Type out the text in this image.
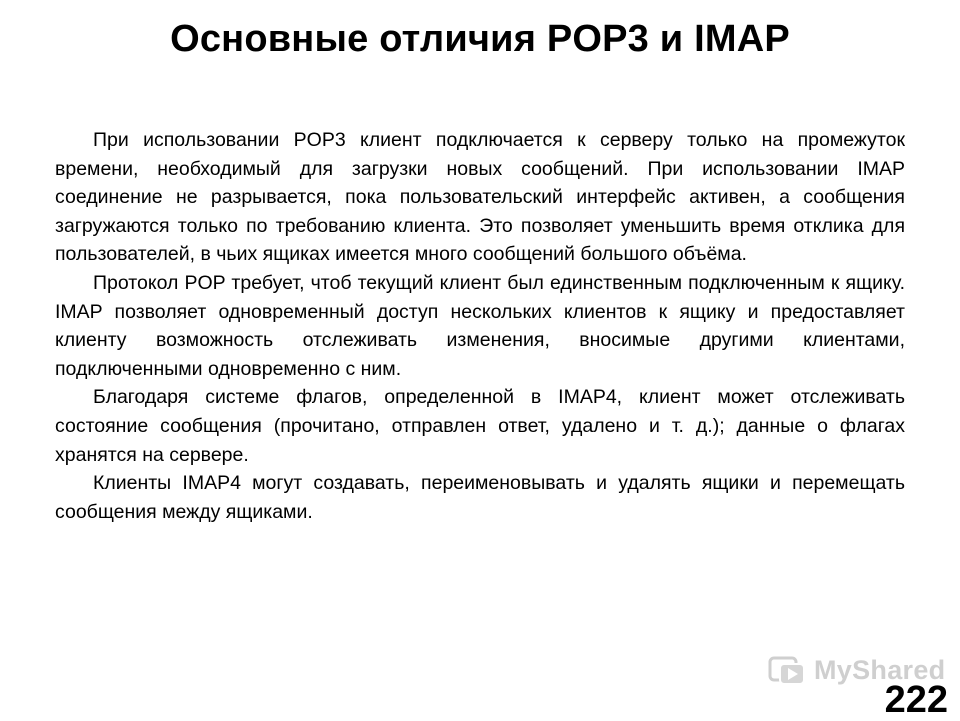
Основные отличия POP3 и IMAP

При использовании POP3 клиент подключается к серверу только на промежуток времени, необходимый для загрузки новых сообщений. При использовании IMAP соединение не разрывается, пока пользовательский интерфейс активен, а сообщения загружаются только по требованию клиента. Это позволяет уменьшить время отклика для пользователей, в чьих ящиках имеется много сообщений большого объёма.

Протокол POP требует, чтоб текущий клиент был единственным подключенным к ящику. IMAP позволяет одновременный доступ нескольких клиентов к ящику и предоставляет клиенту возможность отслеживать изменения, вносимые другими клиентами, подключенными одновременно с ним.

Благодаря системе флагов, определенной в IMAP4, клиент может отслеживать состояние сообщения (прочитано, отправлен ответ, удалено и т. д.); данные о флагах хранятся на сервере.

Клиенты IMAP4 могут создавать, переименовывать и удалять ящики и перемещать сообщения между ящиками.

MyShared
222
